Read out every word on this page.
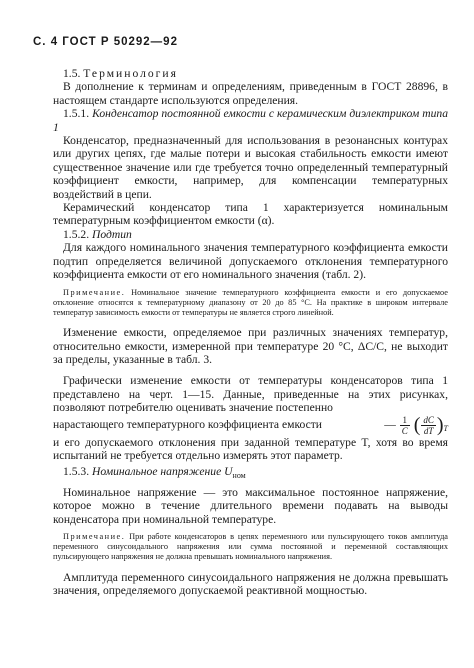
С. 4 ГОСТ Р 50292—92

1.5. Терминология

В дополнение к терминам и определениям, приведенным в ГОСТ 28896, в настоящем стандарте используются определения.

1.5.1. Конденсатор постоянной емкости с керамическим диэлектриком типа 1

Конденсатор, предназначенный для использования в резонансных контурах или других цепях, где малые потери и высокая стабильность емкости имеют существенное значение или где требуется точно определенный температурный коэффициент емкости, например, для компенсации температурных воздействий в цепи.

Керамический конденсатор типа 1 характеризуется номинальным температурным коэффициентом емкости (α).

1.5.2. Подтип

Для каждого номинального значения температурного коэффициента емкости подтип определяется величиной допускаемого отклонения температурного коэффициента емкости от его номинального значения (табл. 2).

Примечание. Номинальное значение температурного коэффициента емкости и его допускаемое отклонение относятся к температурному диапазону от 20 до 85 °С. На практике в широком интервале температур зависимость емкости от температуры не является строго линейной.

Изменение емкости, определяемое при различных значениях температур, относительно емкости, измеренной при температуре 20 °С, ΔC/C, не выходит за пределы, указанные в табл. 3.

Графически изменение емкости от температуры конденсаторов типа 1 представлено на черт. 1—15. Данные, приведенные на этих рисунках, позволяют потребителю оценивать значение постепенно

нарастающего температурного коэффициента емкости	— $\frac{1}{C}$ ( $\frac{dC}{dT} )_T$

и его допускаемого отклонения при заданной температуре T, хотя во время испытаний не требуется отдельно измерять этот параметр.

1.5.3. Номинальное напряжение $U_{ном}$

Номинальное напряжение — это максимальное постоянное напряжение, которое можно в течение длительного времени подавать на выводы конденсатора при номинальной температуре.

Примечание. При работе конденсаторов в цепях переменного или пульсирующего токов амплитуда переменного синусоидального напряжения или сумма постоянной и переменной составляющих пульсирующего напряжения не должна превышать номинального напряжения.

Амплитуда переменного синусоидального напряжения не должна превышать значения, определяемого допускаемой реактивной мощностью.
